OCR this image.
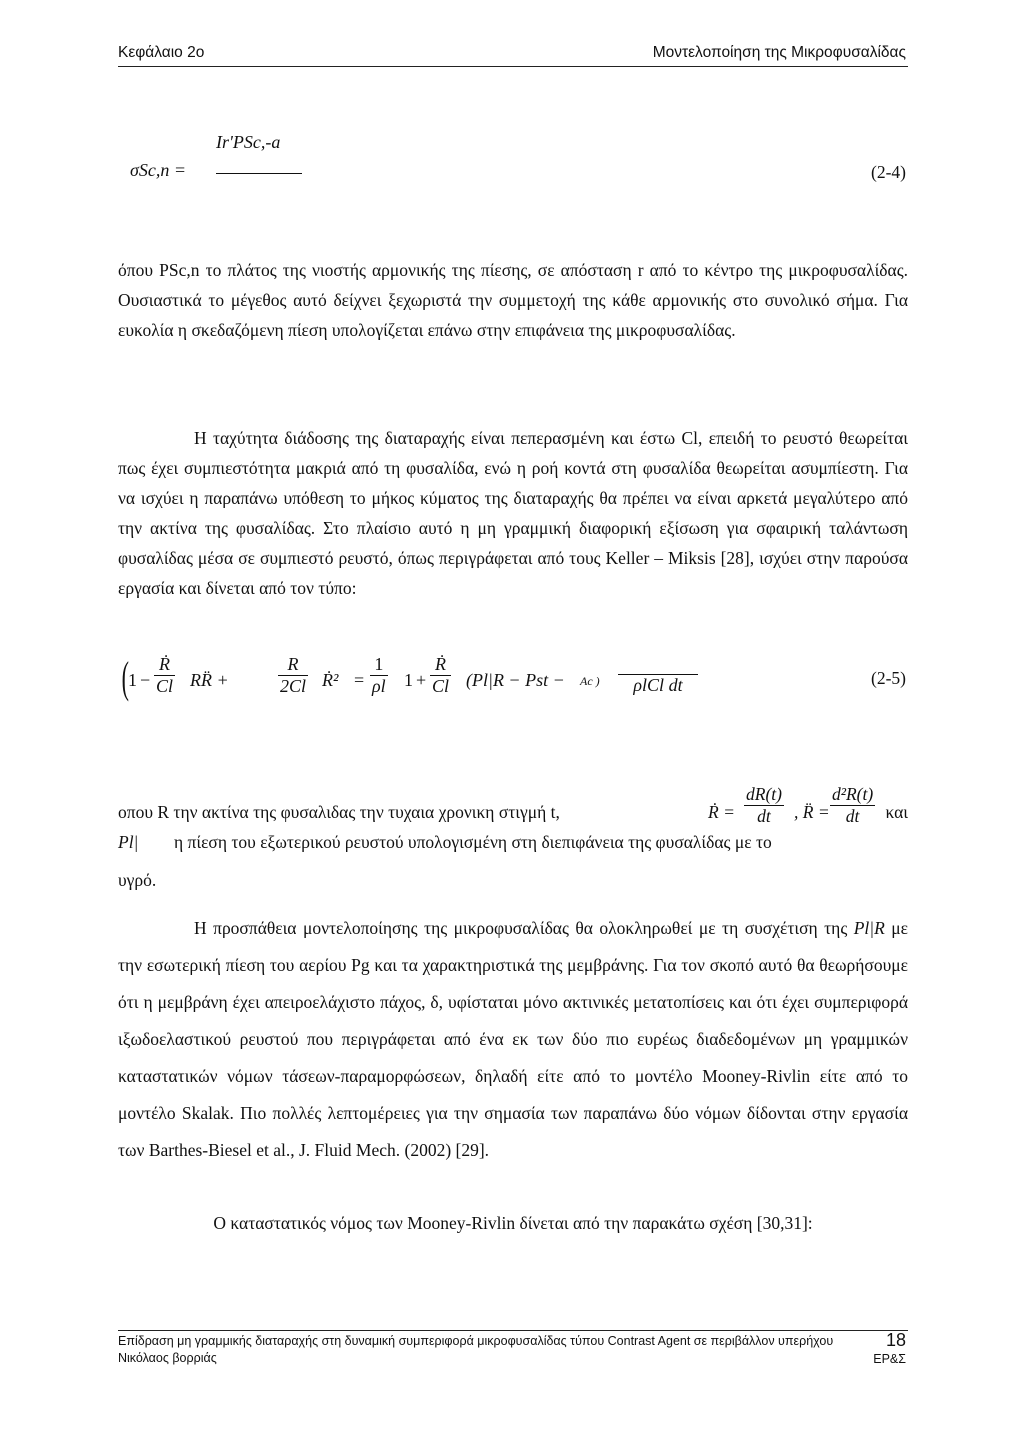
Κεφάλαιο 2ο	Μοντελοποίηση της Μικροφυσαλίδας
σSc,n =
Ir'PSc,-a
(2-4)
όπου PSc,n το πλάτος της νιοστής αρμονικής της πίεσης, σε απόσταση r από το κέντρο της μικροφυσαλίδας. Ουσιαστικά το μέγεθος αυτό δείχνει ξεχωριστά την συμμετοχή της κάθε αρμονικής στο συνολικό σήμα. Για ευκολία η σκεδαζόμενη πίεση υπολογίζεται επάνω στην επιφάνεια της μικροφυσαλίδας.
Η ταχύτητα διάδοσης της διαταραχής είναι πεπερασμένη και έστω Cl, επειδή το ρευστό θεωρείται πως έχει συμπιεστότητα μακριά από τη φυσαλίδα, ενώ η ροή κοντά στη φυσαλίδα θεωρείται ασυμπίεστη. Για να ισχύει η παραπάνω υπόθεση το μήκος κύματος της διαταραχής θα πρέπει να είναι αρκετά μεγαλύτερο από την ακτίνα της φυσαλίδας. Στο πλαίσιο αυτό η μη γραμμική διαφορική εξίσωση για σφαιρική ταλάντωση φυσαλίδας μέσα σε συμπιεστό ρευστό, όπως περιγράφεται από τους Keller – Miksis [28], ισχύει στην παρούσα εργασία και δίνεται από τον τύπο:
( $1 - \frac{\text{Ṙ}}{Cl}$ RR̈ +	$\frac{R}{2Cl}$ Ṙ² = $\frac{1}{\rho l} 1 + \frac{\text{Ṙ}}{Cl} (Pl|R$ − Pst − Ac )	ρlCl dt	(2-5)
οπου R την ακτίνα της φυσαλιδας την τυχαια χρονικη στιγμή t,	Ṙ = $\frac{dR(t)}{dt}$ , R̈ = $\frac{\text{d²R(t)}}{dt}$ και
Pl| η πίεση του εξωτερικού ρευστού υπολογισμένη στη διεπιφάνεια της φυσαλίδας με το
υγρό.
Η προσπάθεια μοντελοποίησης της μικροφυσαλίδας θα ολοκληρωθεί με τη συσχέτιση της Pl|R με την εσωτερική πίεση του αερίου Pg και τα χαρακτηριστικά της μεμβράνης. Για τον σκοπό αυτό θα θεωρήσουμε ότι η μεμβράνη έχει απειροελάχιστο πάχος, δ, υφίσταται μόνο ακτινικές μετατοπίσεις και ότι έχει συμπεριφορά ιξωδοελαστικού ρευστού που περιγράφεται από ένα εκ των δύο πιο ευρέως διαδεδομένων μη γραμμικών καταστατικών νόμων τάσεων-παραμορφώσεων, δηλαδή είτε από το μοντέλο Mooney-Rivlin είτε από το μοντέλο Skalak. Πιο πολλές λεπτομέρειες για την σημασία των παραπάνω δύο νόμων δίδονται στην εργασία των Barthes-Biesel et al., J. Fluid Mech. (2002) [29].
Ο καταστατικός νόμος των Mooney-Rivlin δίνεται από την παρακάτω σχέση [30,31]:
Επίδραση μη γραμμικής διαταραχής στη δυναμική συμπεριφορά μικροφυσαλίδας τύπου Contrast Agent σε περιβάλλον υπερήχου
Νικόλαος βορριάς
18
ΕΡ&Σ
